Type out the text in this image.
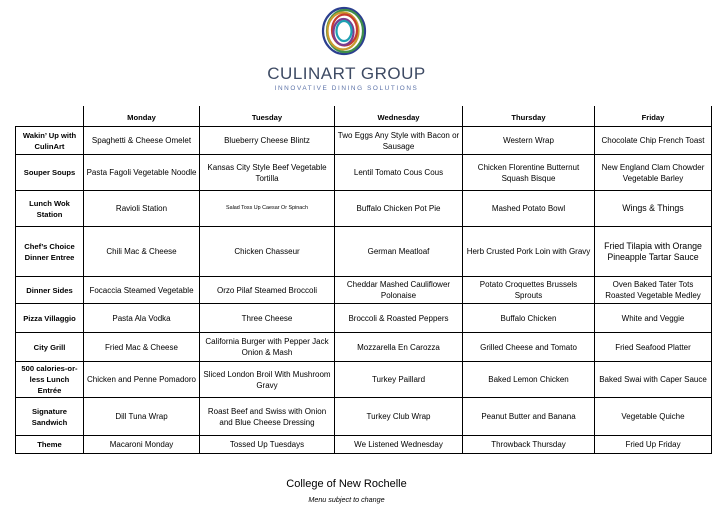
CULINART GROUP
INNOVATIVE DINING SOLUTIONS
	Monday	Tuesday	Wednesday	Thursday	Friday
Wakin’ Up with CulinArt	Spaghetti & Cheese Omelet	Blueberry Cheese Blintz	Two Eggs Any Style with Bacon or Sausage	Western Wrap	Chocolate Chip French Toast
Souper Soups	Pasta Fagoli Vegetable Noodle	Kansas City Style Beef Vegetable Tortilla	Lentil Tomato Cous Cous	Chicken Florentine Butternut Squash Bisque	New England Clam Chowder Vegetable Barley
Lunch Wok Station	Ravioli Station	Salad Toss Up Caesar Or Spinach	Buffalo Chicken Pot Pie	Mashed Potato Bowl	Wings & Things
Chef’s Choice Dinner Entree	Chili Mac & Cheese	Chicken Chasseur	German Meatloaf	Herb Crusted Pork Loin with Gravy	Fried Tilapia with Orange Pineapple Tartar Sauce
Dinner Sides	Focaccia Steamed Vegetable	Orzo Pilaf Steamed Broccoli	Cheddar Mashed Cauliflower Polonaise	Potato Croquettes Brussels Sprouts	Oven Baked Tater Tots Roasted Vegetable Medley
Pizza Villaggio	Pasta Ala Vodka	Three Cheese	Broccoli & Roasted Peppers	Buffalo Chicken	White and Veggie
City Grill	Fried Mac & Cheese	California Burger with Pepper Jack Onion & Mash	Mozzarella En Carozza	Grilled Cheese and Tomato	Fried Seafood Platter
500 calories-or-less Lunch Entrée	Chicken and Penne Pomadoro	Sliced London Broil With Mushroom Gravy	Turkey Paillard	Baked Lemon Chicken	Baked Swai with Caper Sauce
Signature Sandwich	Dill Tuna Wrap	Roast Beef and Swiss with Onion and Blue Cheese Dressing	Turkey Club Wrap	Peanut Butter and Banana	Vegetable Quiche
Theme	Macaroni Monday	Tossed Up Tuesdays	We Listened Wednesday	Throwback Thursday	Fried Up Friday
College of New Rochelle
Menu subject to change
